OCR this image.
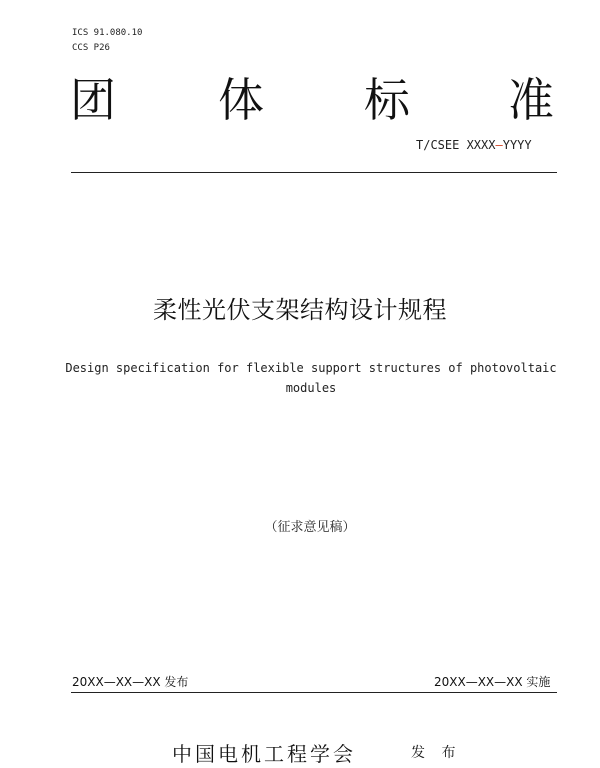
ICS 91.080.10
CCS P26
团 体 标 准
T/CSEE XXXX—YYYY
柔性光伏支架结构设计规程
Design specification for flexible support structures of photovoltaic modules
（征求意见稿）
20XX—XX—XX 发布	20XX—XX—XX 实施
中国电机工程学会	发 布
